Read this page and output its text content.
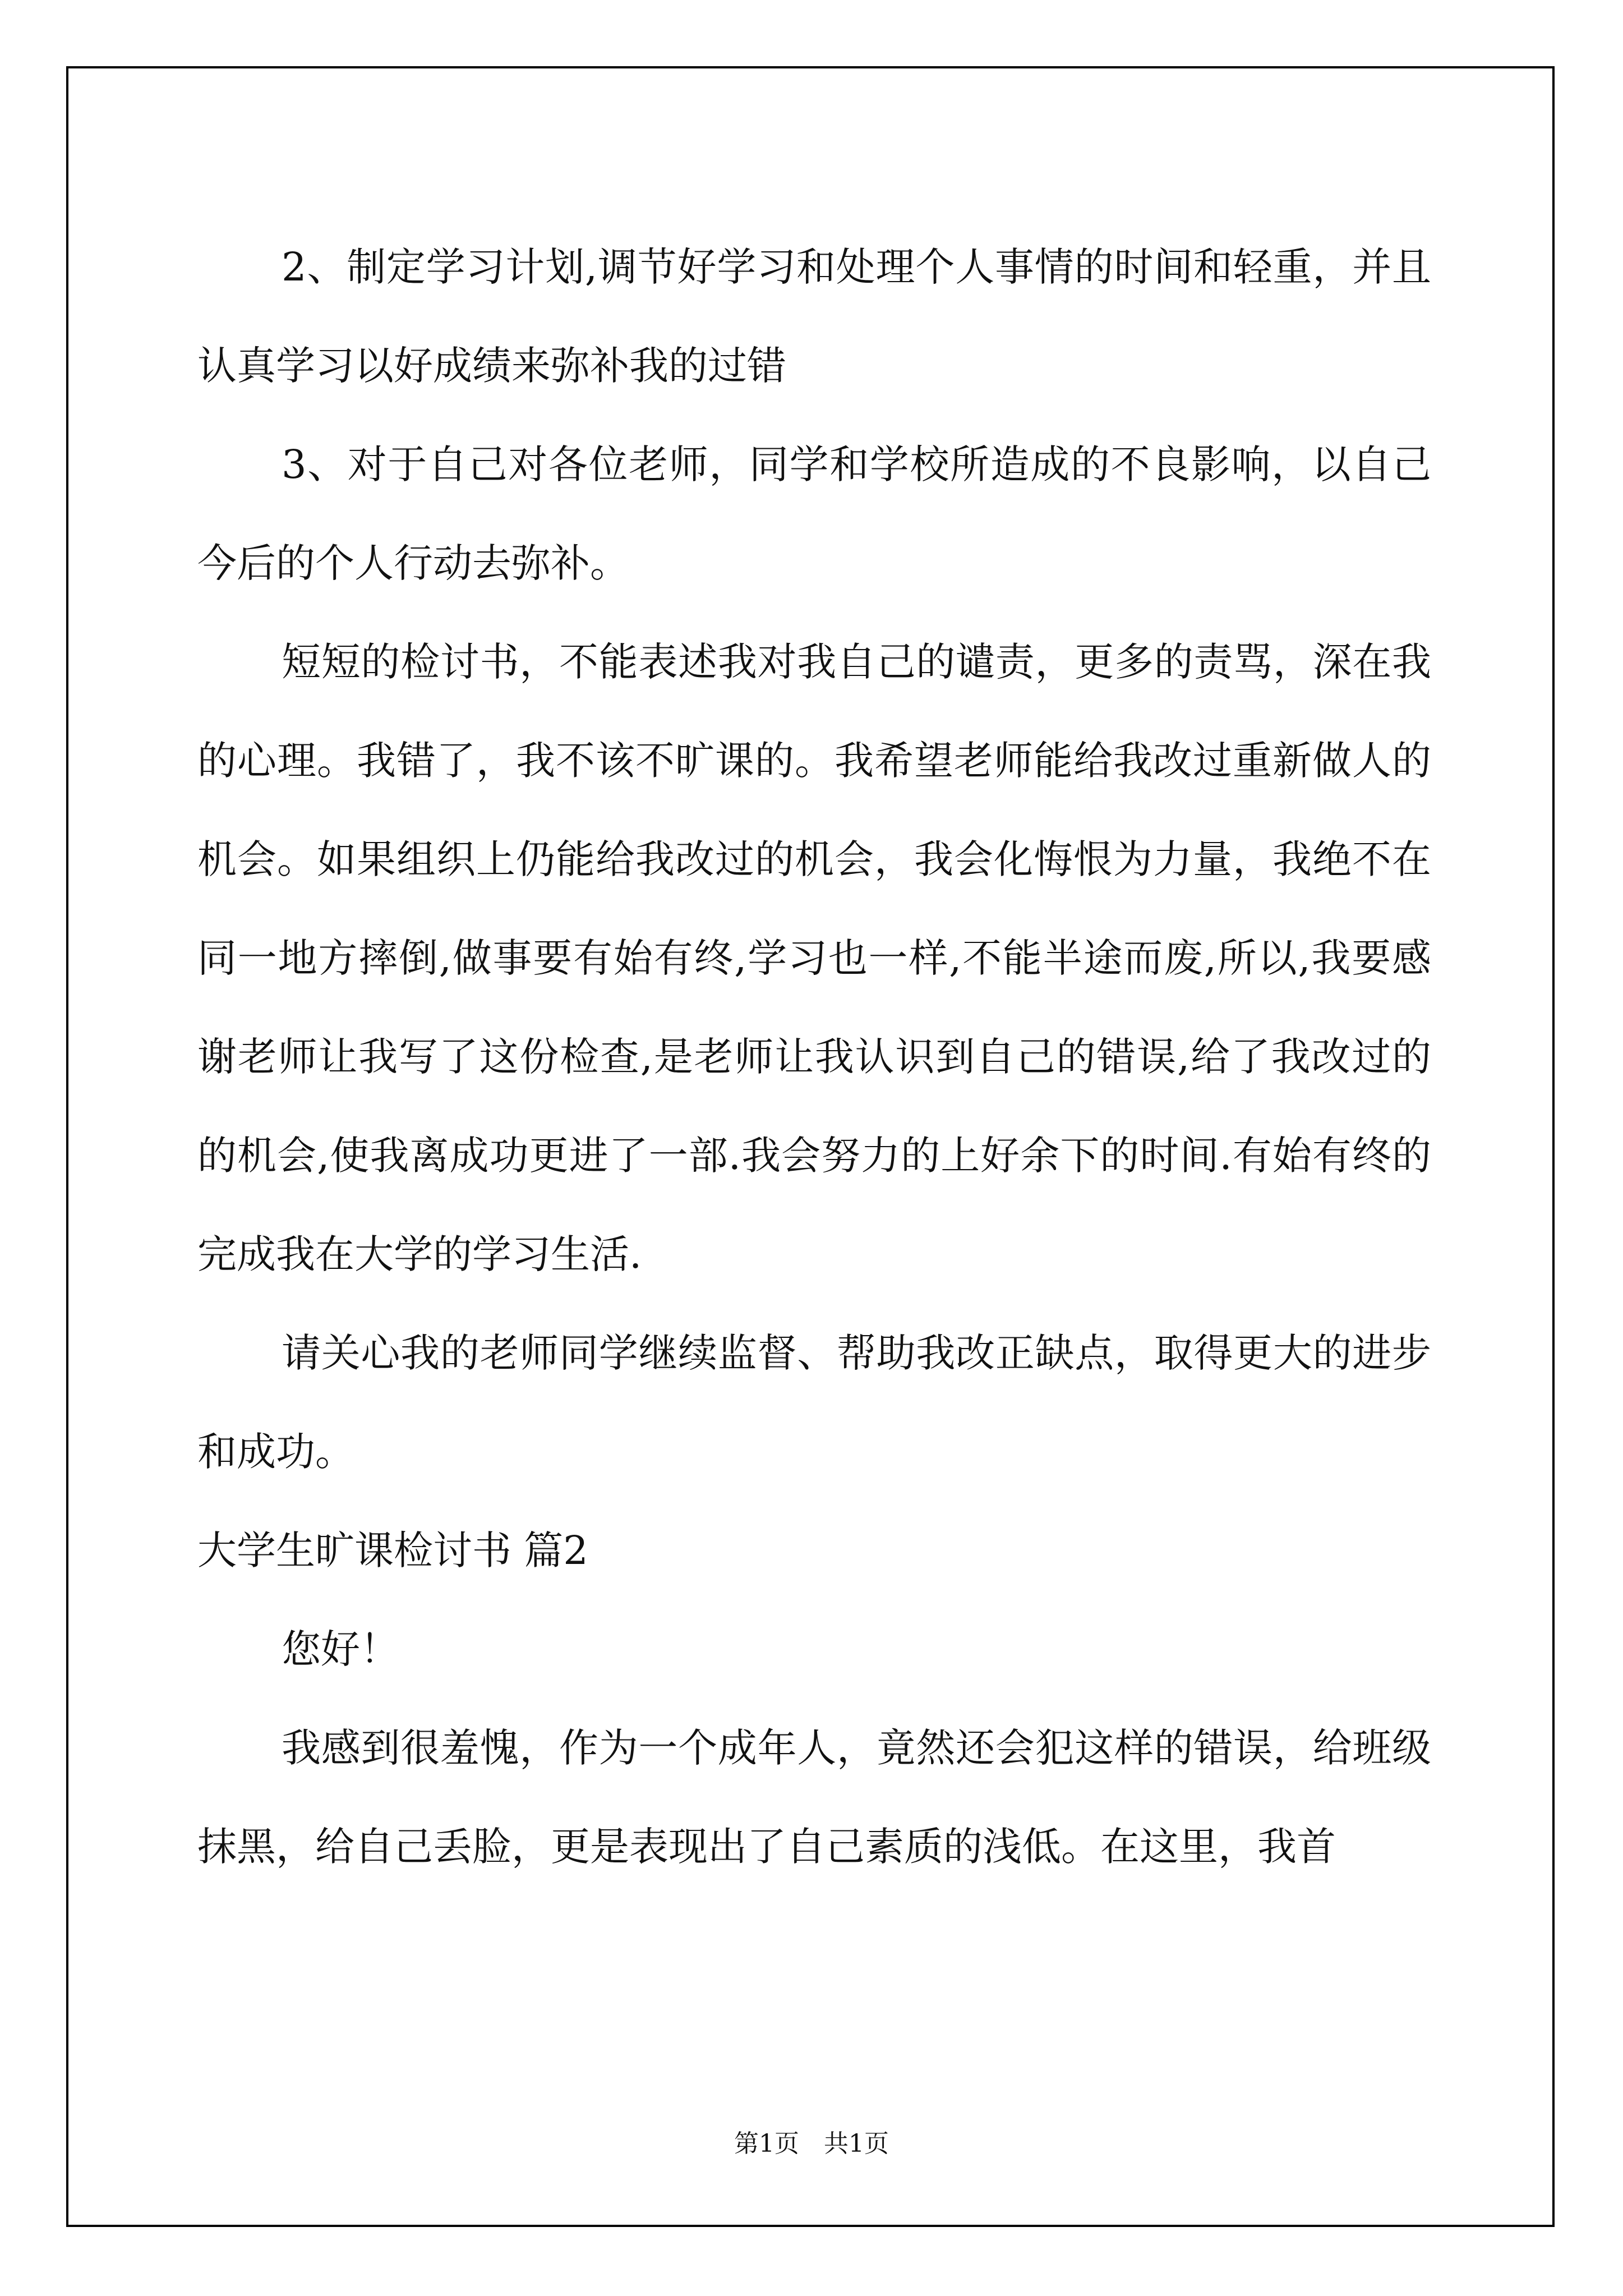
2、制定学习计划,调节好学习和处理个人事情的时间和轻重，并且认真学习以好成绩来弥补我的过错

3、对于自己对各位老师，同学和学校所造成的不良影响，以自己今后的个人行动去弥补。

短短的检讨书，不能表述我对我自己的谴责，更多的责骂，深在我的心理。我错了，我不该不旷课的。我希望老师能给我改过重新做人的机会。如果组织上仍能给我改过的机会，我会化悔恨为力量，我绝不在同一地方摔倒,做事要有始有终,学习也一样,不能半途而废,所以,我要感谢老师让我写了这份检查,是老师让我认识到自己的错误,给了我改过的的机会,使我离成功更进了一部.我会努力的上好余下的时间.有始有终的完成我在大学的学习生活.

请关心我的老师同学继续监督、帮助我改正缺点，取得更大的进步和成功。

大学生旷课检讨书 篇2

您好！

我感到很羞愧，作为一个成年人，竟然还会犯这样的错误，给班级抹黑，给自己丢脸，更是表现出了自己素质的浅低。在这里，我首

第1页　共1页
